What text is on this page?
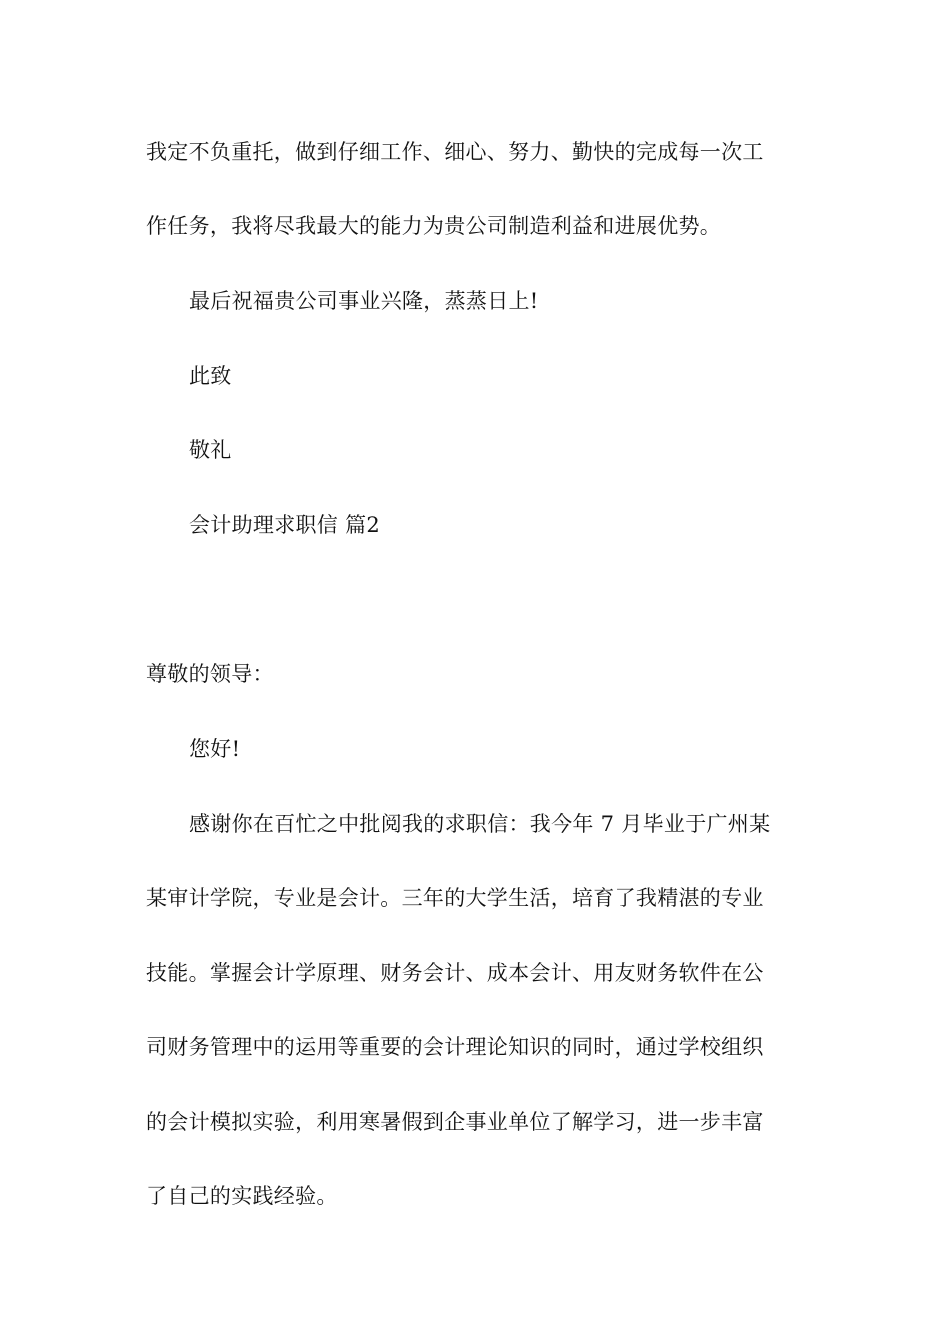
我定不负重托，做到仔细工作、细心、努力、勤快的完成每一次工
作任务，我将尽我最大的能力为贵公司制造利益和进展优势。
最后祝福贵公司事业兴隆，蒸蒸日上!
此致
敬礼
会计助理求职信 篇2
尊敬的领导：
您好!
感谢你在百忙之中批阅我的求职信：我今年 7 月毕业于广州某
某审计学院，专业是会计。三年的大学生活，培育了我精湛的专业
技能。掌握会计学原理、财务会计、成本会计、用友财务软件在公
司财务管理中的运用等重要的会计理论知识的同时，通过学校组织
的会计模拟实验，利用寒暑假到企事业单位了解学习，进一步丰富
了自己的实践经验。
